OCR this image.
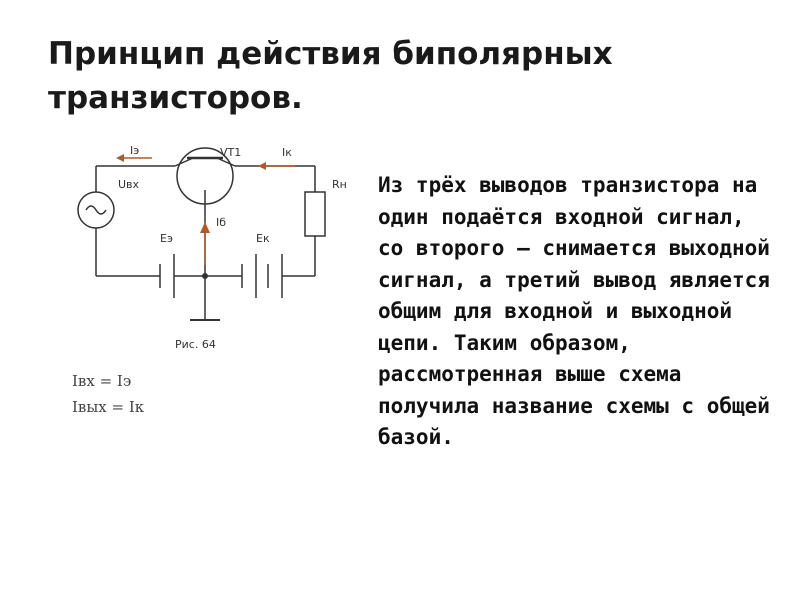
Принцип действия биполярных
транзисторов.
Iэ
Uвх
VT1	Iк
Rн
Iб
Eэ	Eк
Рис. 64
Iвх = Iэ
Iвых = Iк

Из трёх выводов транзистора на один подаётся входной сигнал, со второго – снимается выходной сигнал, а третий вывод является общим для входной и выходной цепи. Таким образом, рассмотренная выше схема получила название схемы с общей базой.
